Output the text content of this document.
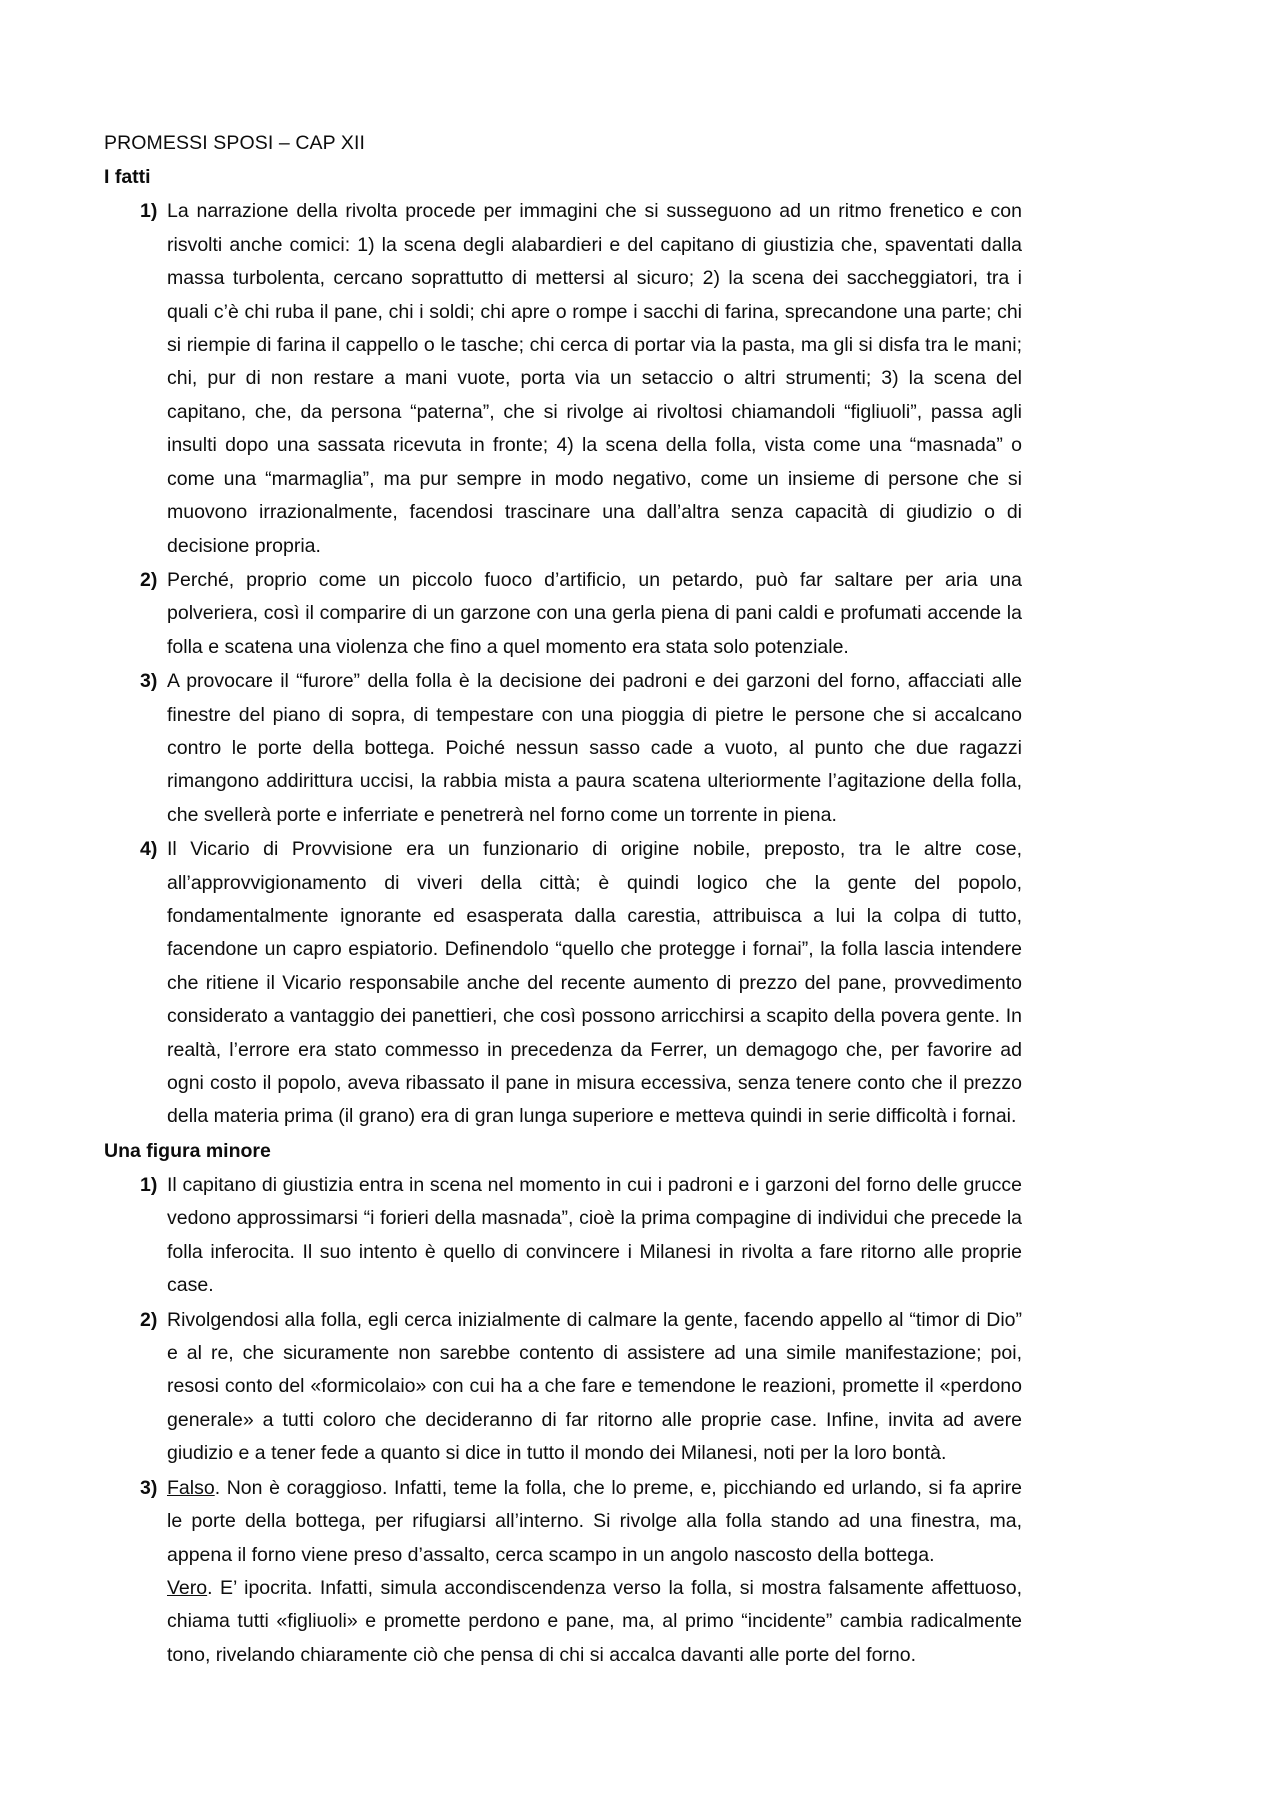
PROMESSI SPOSI – CAP XII
I fatti
1) La narrazione della rivolta procede per immagini che si susseguono ad un ritmo frenetico e con risvolti anche comici: 1) la scena degli alabardieri e del capitano di giustizia che, spaventati dalla massa turbolenta, cercano soprattutto di mettersi al sicuro; 2) la scena dei saccheggiatori, tra i quali c’è chi ruba il pane, chi i soldi; chi apre o rompe i sacchi di farina, sprecandone una parte; chi si riempie di farina il cappello o le tasche; chi cerca di portar via la pasta, ma gli si disfa tra le mani; chi, pur di non restare a mani vuote, porta via un setaccio o altri strumenti; 3) la scena del capitano, che, da persona “paterna”, che si rivolge ai rivoltosi chiamandoli “figliuoli”, passa agli insulti dopo una sassata ricevuta in fronte; 4) la scena della folla, vista come una “masnada” o come una “marmaglia”, ma pur sempre in modo negativo, come un insieme di persone che si muovono irrazionalmente, facendosi trascinare una dall’altra senza capacità di giudizio o di decisione propria.
2) Perché, proprio come un piccolo fuoco d’artificio, un petardo, può far saltare per aria una polveriera, così il comparire di un garzone con una gerla piena di pani caldi e profumati accende la folla e scatena una violenza che fino a quel momento era stata solo potenziale.
3) A provocare il “furore” della folla è la decisione dei padroni e dei garzoni del forno, affacciati alle finestre del piano di sopra, di tempestare con una pioggia di pietre le persone che si accalcano contro le porte della bottega. Poiché nessun sasso cade a vuoto, al punto che due ragazzi rimangono addirittura uccisi, la rabbia mista a paura scatena ulteriormente l’agitazione della folla, che svellerà porte e inferriate e penetrerà nel forno come un torrente in piena.
4) Il Vicario di Provvisione era un funzionario di origine nobile, preposto, tra le altre cose, all’approvvigionamento di viveri della città; è quindi logico che la gente del popolo, fondamentalmente ignorante ed esasperata dalla carestia, attribuisca a lui la colpa di tutto, facendone un capro espiatorio. Definendolo “quello che protegge i fornai”, la folla lascia intendere che ritiene il Vicario responsabile anche del recente aumento di prezzo del pane, provvedimento considerato a vantaggio dei panettieri, che così possono arricchirsi a scapito della povera gente. In realtà, l’errore era stato commesso in precedenza da Ferrer, un demagogo che, per favorire ad ogni costo il popolo, aveva ribassato il pane in misura eccessiva, senza tenere conto che il prezzo della materia prima (il grano) era di gran lunga superiore e metteva quindi in serie difficoltà i fornai.
Una figura minore
1) Il capitano di giustizia entra in scena nel momento in cui i padroni e i garzoni del forno delle grucce vedono approssimarsi “i forieri della masnada”, cioè la prima compagine di individui che precede la folla inferocita. Il suo intento è quello di convincere i Milanesi in rivolta a fare ritorno alle proprie case.
2) Rivolgendosi alla folla, egli cerca inizialmente di calmare la gente, facendo appello al “timor di Dio” e al re, che sicuramente non sarebbe contento di assistere ad una simile manifestazione; poi, resosi conto del «formicolaio» con cui ha a che fare e temendone le reazioni, promette il «perdono generale» a tutti coloro che decideranno di far ritorno alle proprie case. Infine, invita ad avere giudizio e a tener fede a quanto si dice in tutto il mondo dei Milanesi, noti per la loro bontà.
3) Falso. Non è coraggioso. Infatti, teme la folla, che lo preme, e, picchiando ed urlando, si fa aprire le porte della bottega, per rifugiarsi all’interno. Si rivolge alla folla stando ad una finestra, ma, appena il forno viene preso d’assalto, cerca scampo in un angolo nascosto della bottega.
Vero. E’ ipocrita. Infatti, simula accondiscendenza verso la folla, si mostra falsamente affettuoso, chiama tutti «figliuoli» e promette perdono e pane, ma, al primo “incidente” cambia radicalmente tono, rivelando chiaramente ciò che pensa di chi si accalca davanti alle porte del forno.
